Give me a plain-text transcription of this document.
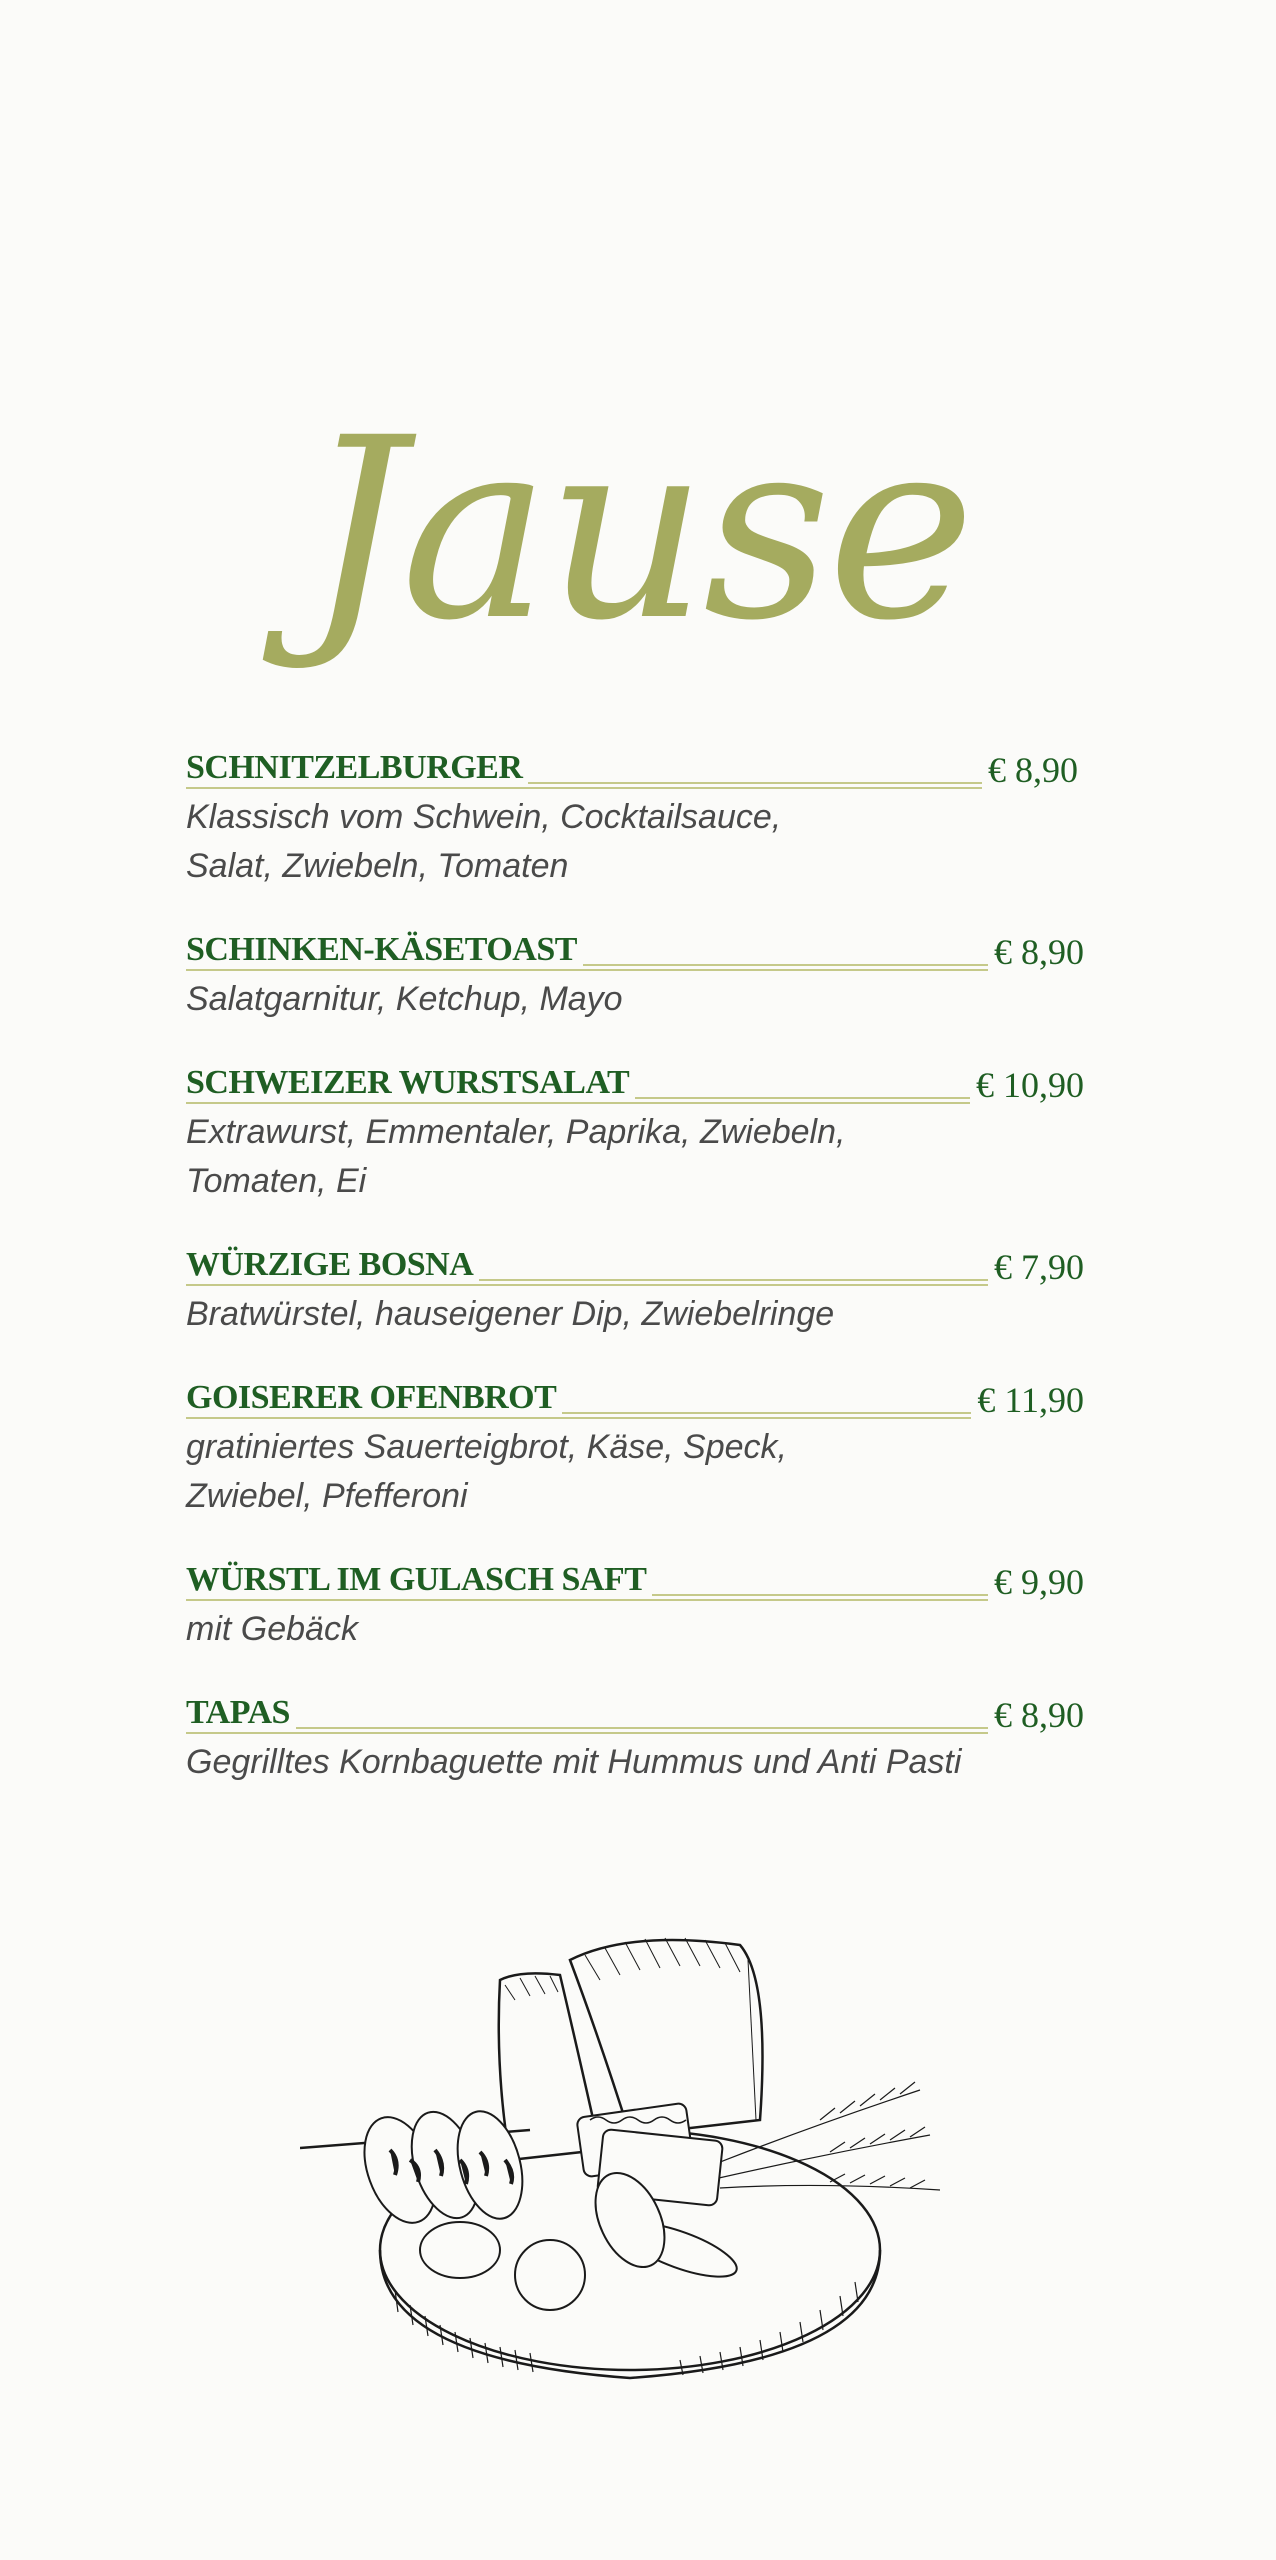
Jause
SCHNITZELBURGER	€ 8,90
Klassisch vom Schwein, Cocktailsauce, Salat, Zwiebeln, Tomaten
SCHINKEN-KÄSETOAST	€ 8,90
Salatgarnitur, Ketchup, Mayo
SCHWEIZER WURSTSALAT	€ 10,90
Extrawurst, Emmentaler, Paprika, Zwiebeln, Tomaten, Ei
WÜRZIGE BOSNA	€ 7,90
Bratwürstel, hauseigener Dip, Zwiebelringe
GOISERER OFENBROT	€ 11,90
gratiniertes Sauerteigbrot, Käse, Speck, Zwiebel, Pfefferoni
WÜRSTL IM GULASCH SAFT	€ 9,90
mit Gebäck
TAPAS	€ 8,90
Gegrilltes Kornbaguette mit Hummus und Anti Pasti
